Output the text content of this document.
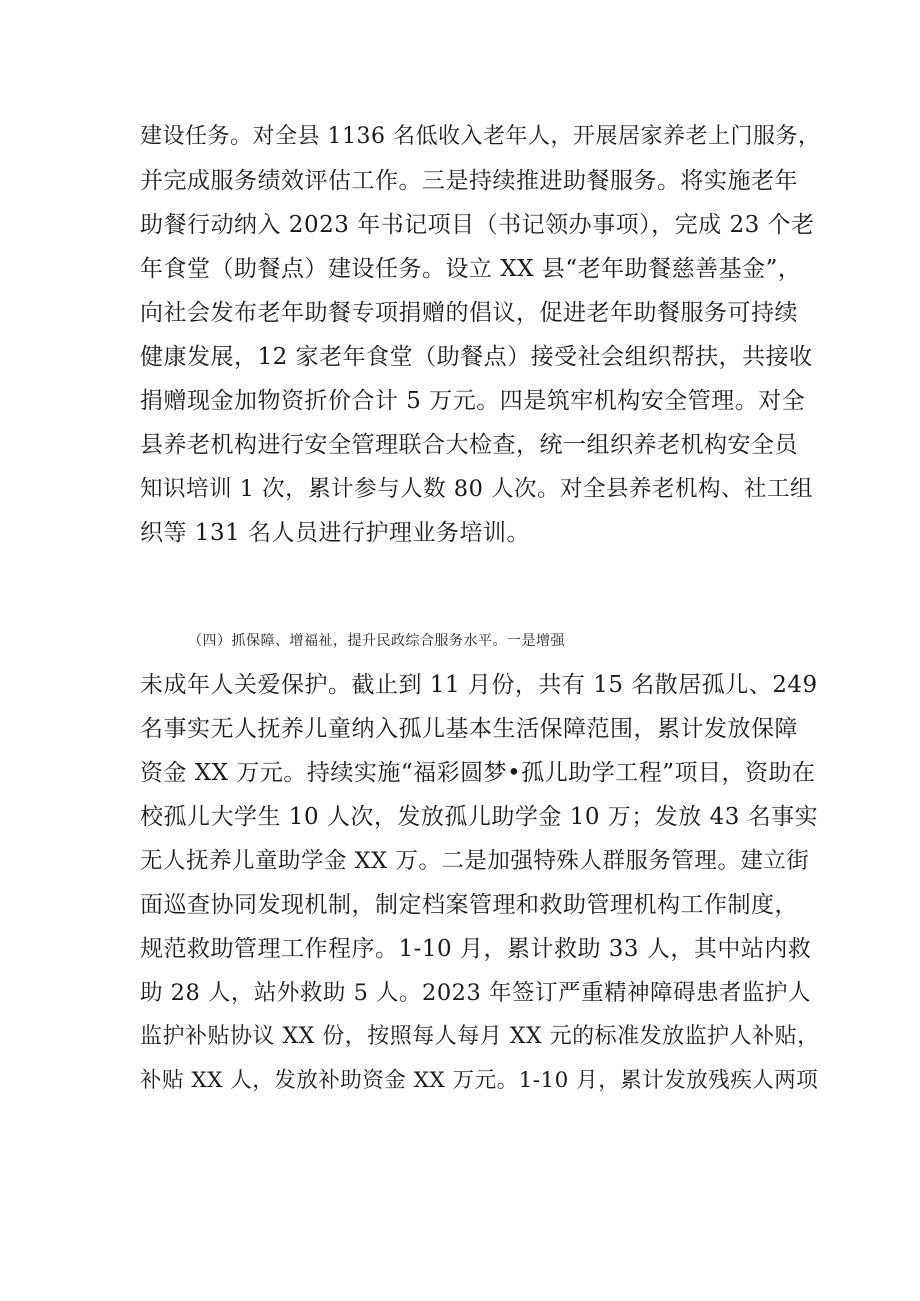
建设任务。对全县 1136 名低收入老年人，开展居家养老上门服务，
并完成服务绩效评估工作。三是持续推进助餐服务。将实施老年
助餐行动纳入 2023 年书记项目（书记领办事项），完成 23 个老
年食堂（助餐点）建设任务。设立 XX 县“老年助餐慈善基金”，
向社会发布老年助餐专项捐赠的倡议，促进老年助餐服务可持续
健康发展，12 家老年食堂（助餐点）接受社会组织帮扶，共接收
捐赠现金加物资折价合计 5 万元。四是筑牢机构安全管理。对全
县养老机构进行安全管理联合大检查，统一组织养老机构安全员
知识培训 1 次，累计参与人数 80 人次。对全县养老机构、社工组
织等 131 名人员进行护理业务培训。
（四）抓保障、增福祉，提升民政综合服务水平。一是增强
未成年人关爱保护。截止到 11 月份，共有 15 名散居孤儿、249
名事实无人抚养儿童纳入孤儿基本生活保障范围，累计发放保障
资金 XX 万元。持续实施“福彩圆梦•孤儿助学工程”项目，资助在
校孤儿大学生 10 人次，发放孤儿助学金 10 万；发放 43 名事实
无人抚养儿童助学金 XX 万。二是加强特殊人群服务管理。建立街
面巡查协同发现机制，制定档案管理和救助管理机构工作制度，
规范救助管理工作程序。1-10 月，累计救助 33 人，其中站内救
助 28 人，站外救助 5 人。2023 年签订严重精神障碍患者监护人
监护补贴协议 XX 份，按照每人每月 XX 元的标准发放监护人补贴，
补贴 XX 人，发放补助资金 XX 万元。1-10 月，累计发放残疾人两项
